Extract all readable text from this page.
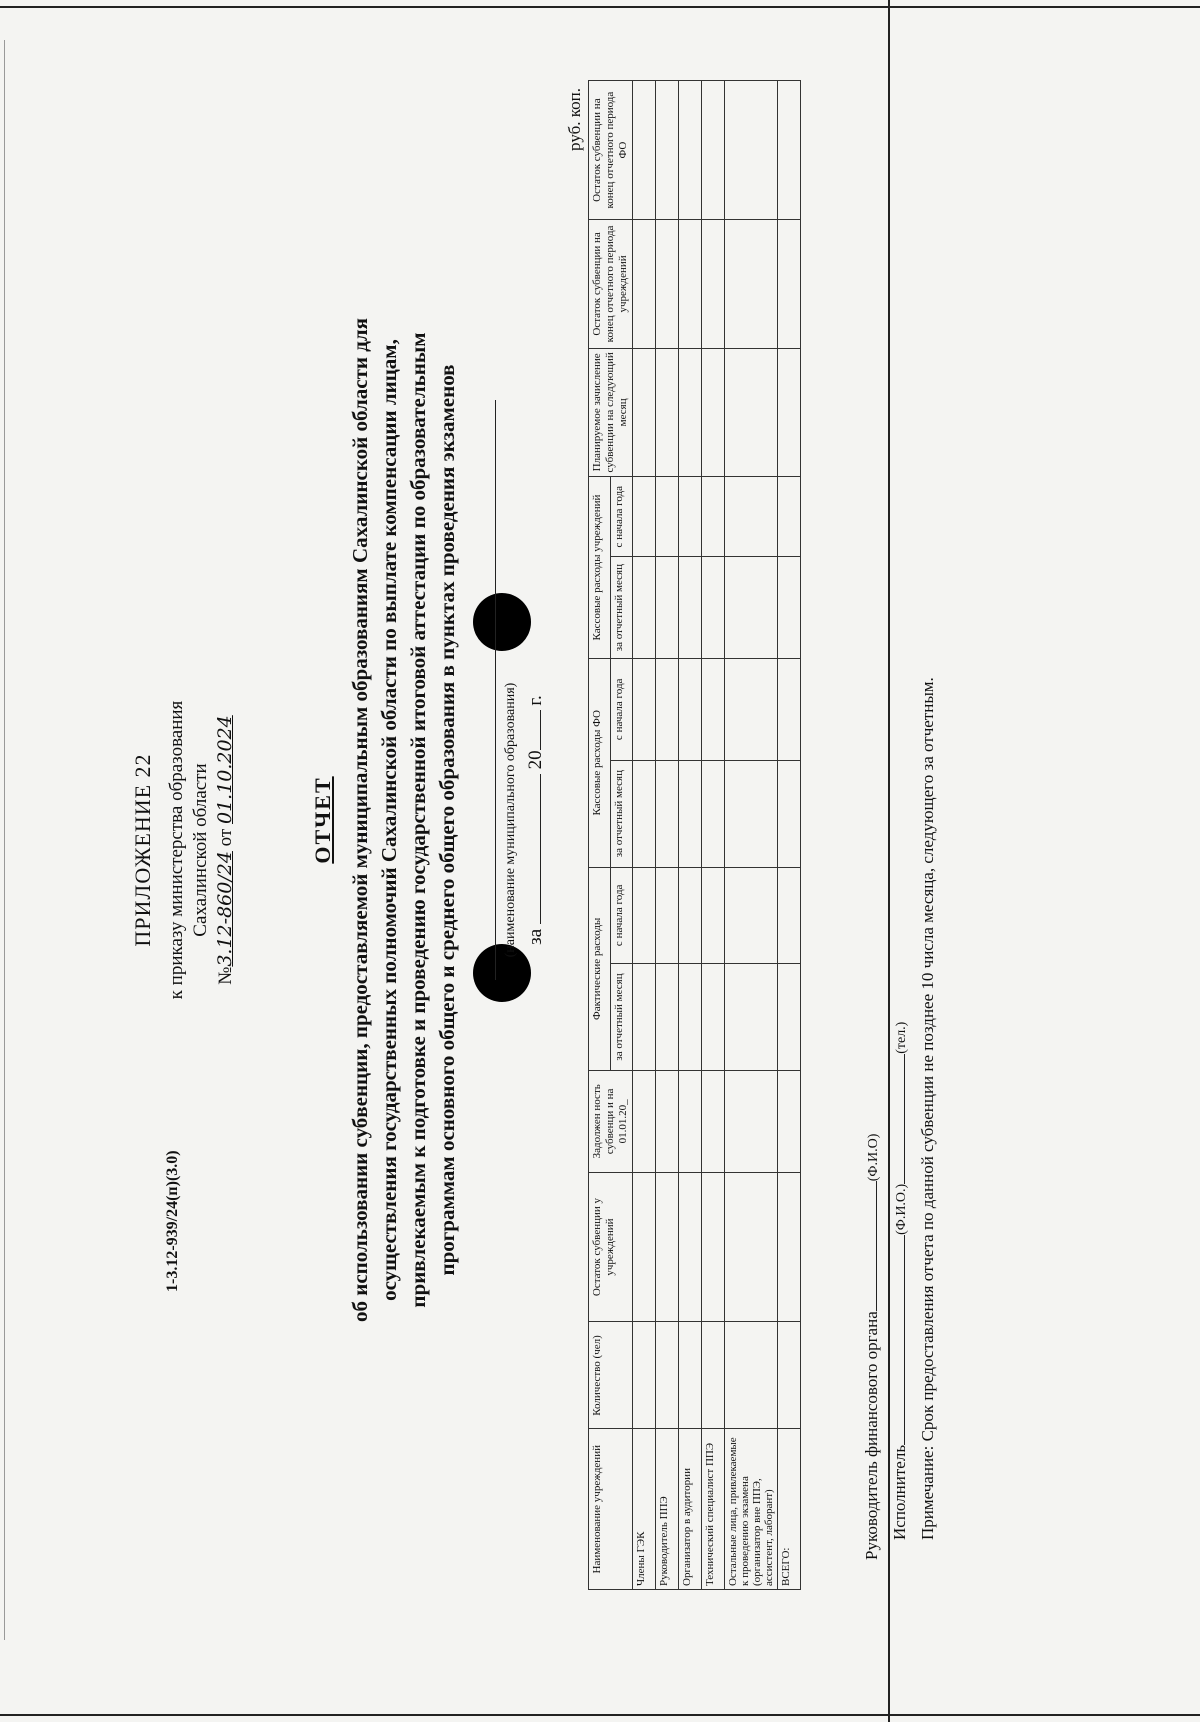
ПРИЛОЖЕНИЕ 22 к приказу министерства образования Сахалинской области
№3.12-860/24 от 01.10.2024	ОТЧЕТ об использовании субвенции, предоставляемой муниципальным образованиям Сахалинской области для осуществления государственных полномочий Сахалинской области по выплате компенсации лицам, привлекаемым к подготовке и проведению государственной итоговой аттестации по образовательным программам основного общего и среднего общего образования в пунктах проведения экзаменов	(наименование муниципального образования) за  20 г.
руб. коп.
Наименование учреждений	Количество (чел)	Остаток субвенции у учреждений	Задолжен ность субвенци и на 01.01.20_	Фактические расходы		Кассовые расходы ФО		Кассовые расходы учреждений		Планируемое зачисление субвенции на следующий месяц	Остаток субвенции на конец отчетного периода учреждений	Остаток субвенции на конец отчетного периода ФО
				за отчетный месяц	с начала года	за отчетный месяц	с начала года	за отчетный месяц	с начала года			
Члены ГЭК												
Руководитель ППЭ												
Организатор в аудитории												
Технический специалист ППЭ												
Остальные лица, привлекаемые к проведению экзамена (организатор вне ППЭ, ассистент, лаборант)												
ВСЕГО:												
Руководитель финансового органа(Ф.И.О)
Исполнитель(Ф.И.О.)(тел.) Примечание: Срок предоставления отчета по данной субвенции не позднее 10 числа месяца, следующего за отчетным.
1-3.12-939/24(п)(3.0)
